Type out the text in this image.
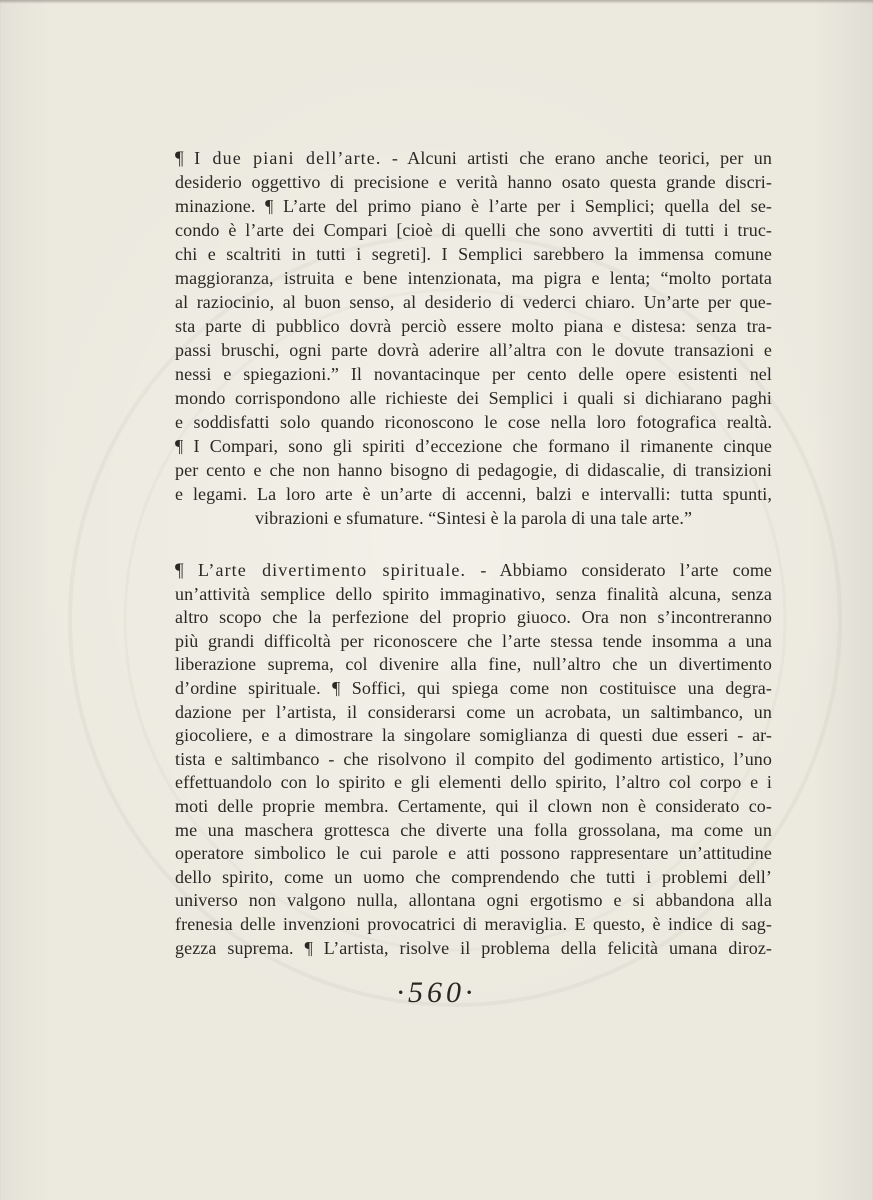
¶ I due piani dell’arte. - Alcuni artisti che erano anche teorici, per un
desiderio oggettivo di precisione e verità hanno osato questa grande discri-
minazione. ¶ L’arte del primo piano è l’arte per i Semplici; quella del se-
condo è l’arte dei Compari [cioè di quelli che sono avvertiti di tutti i truc-
chi e scaltriti in tutti i segreti]. I Semplici sarebbero la immensa comune
maggioranza, istruita e bene intenzionata, ma pigra e lenta; “molto portata
al raziocinio, al buon senso, al desiderio di vederci chiaro. Un’arte per que-
sta parte di pubblico dovrà perciò essere molto piana e distesa: senza tra-
passi bruschi, ogni parte dovrà aderire all’altra con le dovute transazioni e
nessi e spiegazioni.” Il novantacinque per cento delle opere esistenti nel
mondo corrispondono alle richieste dei Semplici i quali si dichiarano paghi
e soddisfatti solo quando riconoscono le cose nella loro fotografica realtà.
¶ I Compari, sono gli spiriti d’eccezione che formano il rimanente cinque
per cento e che non hanno bisogno di pedagogie, di didascalie, di transizioni
e legami. La loro arte è un’arte di accenni, balzi e intervalli: tutta spunti,
vibrazioni e sfumature. “Sintesi è la parola di una tale arte.”
¶ L’arte divertimento spirituale. - Abbiamo considerato l’arte come
un’attività semplice dello spirito immaginativo, senza finalità alcuna, senza
altro scopo che la perfezione del proprio giuoco. Ora non s’incontreranno
più grandi difficoltà per riconoscere che l’arte stessa tende insomma a una
liberazione suprema, col divenire alla fine, null’altro che un divertimento
d’ordine spirituale. ¶ Soffici, qui spiega come non costituisce una degra-
dazione per l’artista, il considerarsi come un acrobata, un saltimbanco, un
giocoliere, e a dimostrare la singolare somiglianza di questi due esseri - ar-
tista e saltimbanco - che risolvono il compito del godimento artistico, l’uno
effettuandolo con lo spirito e gli elementi dello spirito, l’altro col corpo e i
moti delle proprie membra. Certamente, qui il clown non è considerato co-
me una maschera grottesca che diverte una folla grossolana, ma come un
operatore simbolico le cui parole e atti possono rappresentare un’attitudine
dello spirito, come un uomo che comprendendo che tutti i problemi dell’
universo non valgono nulla, allontana ogni ergotismo e si abbandona alla
frenesia delle invenzioni provocatrici di meraviglia. E questo, è indice di sag-
gezza suprema. ¶ L’artista, risolve il problema della felicità umana diroz-
·560·
